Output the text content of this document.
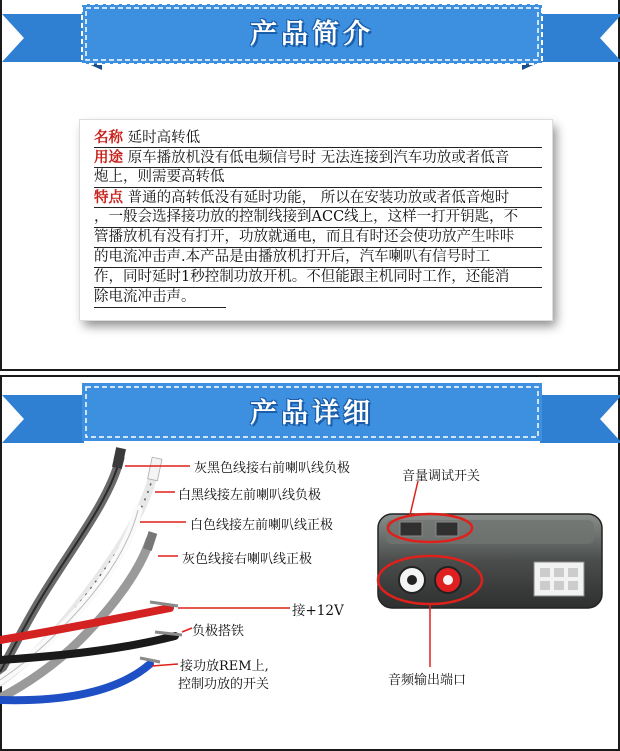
产品简介
名称 延时高转低
用途 原车播放机没有低电频信号时 无法连接到汽车功放或者低音
炮上，则需要高转低
特点 普通的高转低没有延时功能， 所以在安装功放或者低音炮时
，一般会选择接功放的控制线接到ACC线上，这样一打开钥匙，不
管播放机有没有打开，功放就通电，而且有时还会使功放产生咔咔
的电流冲击声.本产品是由播放机打开后，汽车喇叭有信号时工
作，同时延时1秒控制功放开机。不但能跟主机同时工作，还能消
除电流冲击声。
产品详细
灰黑色线接右前喇叭线负极
白黑线接左前喇叭线负极
白色线接左前喇叭线正极
灰色线接右喇叭线正极
接+12V
负极搭铁
接功放REM上,
控制功放的开关
音量调试开关
音频输出端口
